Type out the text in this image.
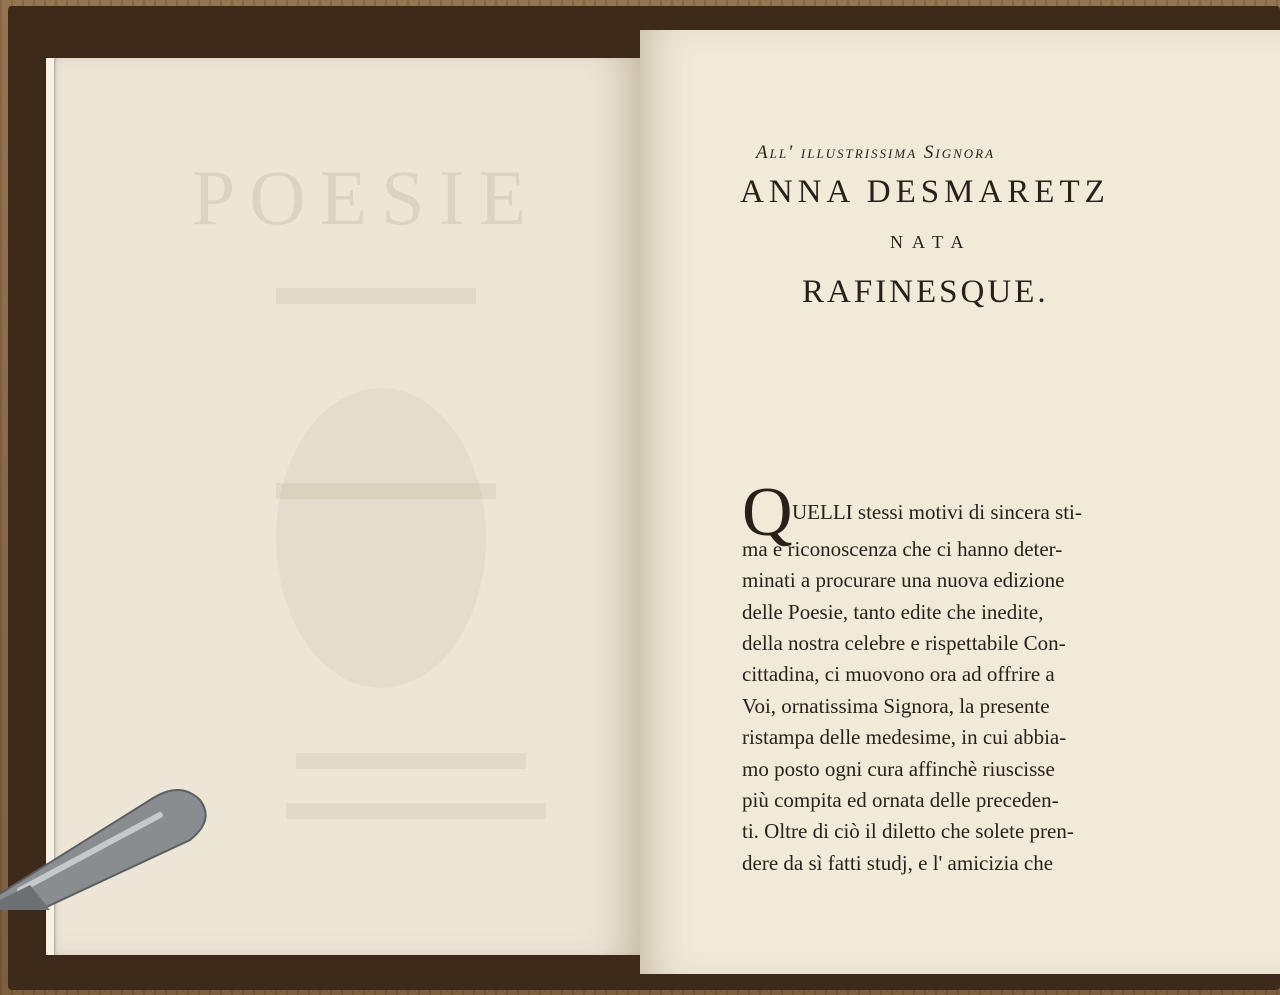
POESIE
All' illustrissima Signora
ANNA DESMARETZ
NATA
RAFINESQUE.
Q UELLI stessi motivi di sincera sti-
ma e riconoscenza che ci hanno deter-
minati a procurare una nuova edizione
delle Poesie, tanto edite che inedite,
della nostra celebre e rispettabile Con-
cittadina, ci muovono ora ad offrire a
Voi, ornatissima Signora, la presente
ristampa delle medesime, in cui abbia-
mo posto ogni cura affinchè riuscisse
più compita ed ornata delle preceden-
ti. Oltre di ciò il diletto che solete pren-
dere da sì fatti studj, e l' amicizia che
